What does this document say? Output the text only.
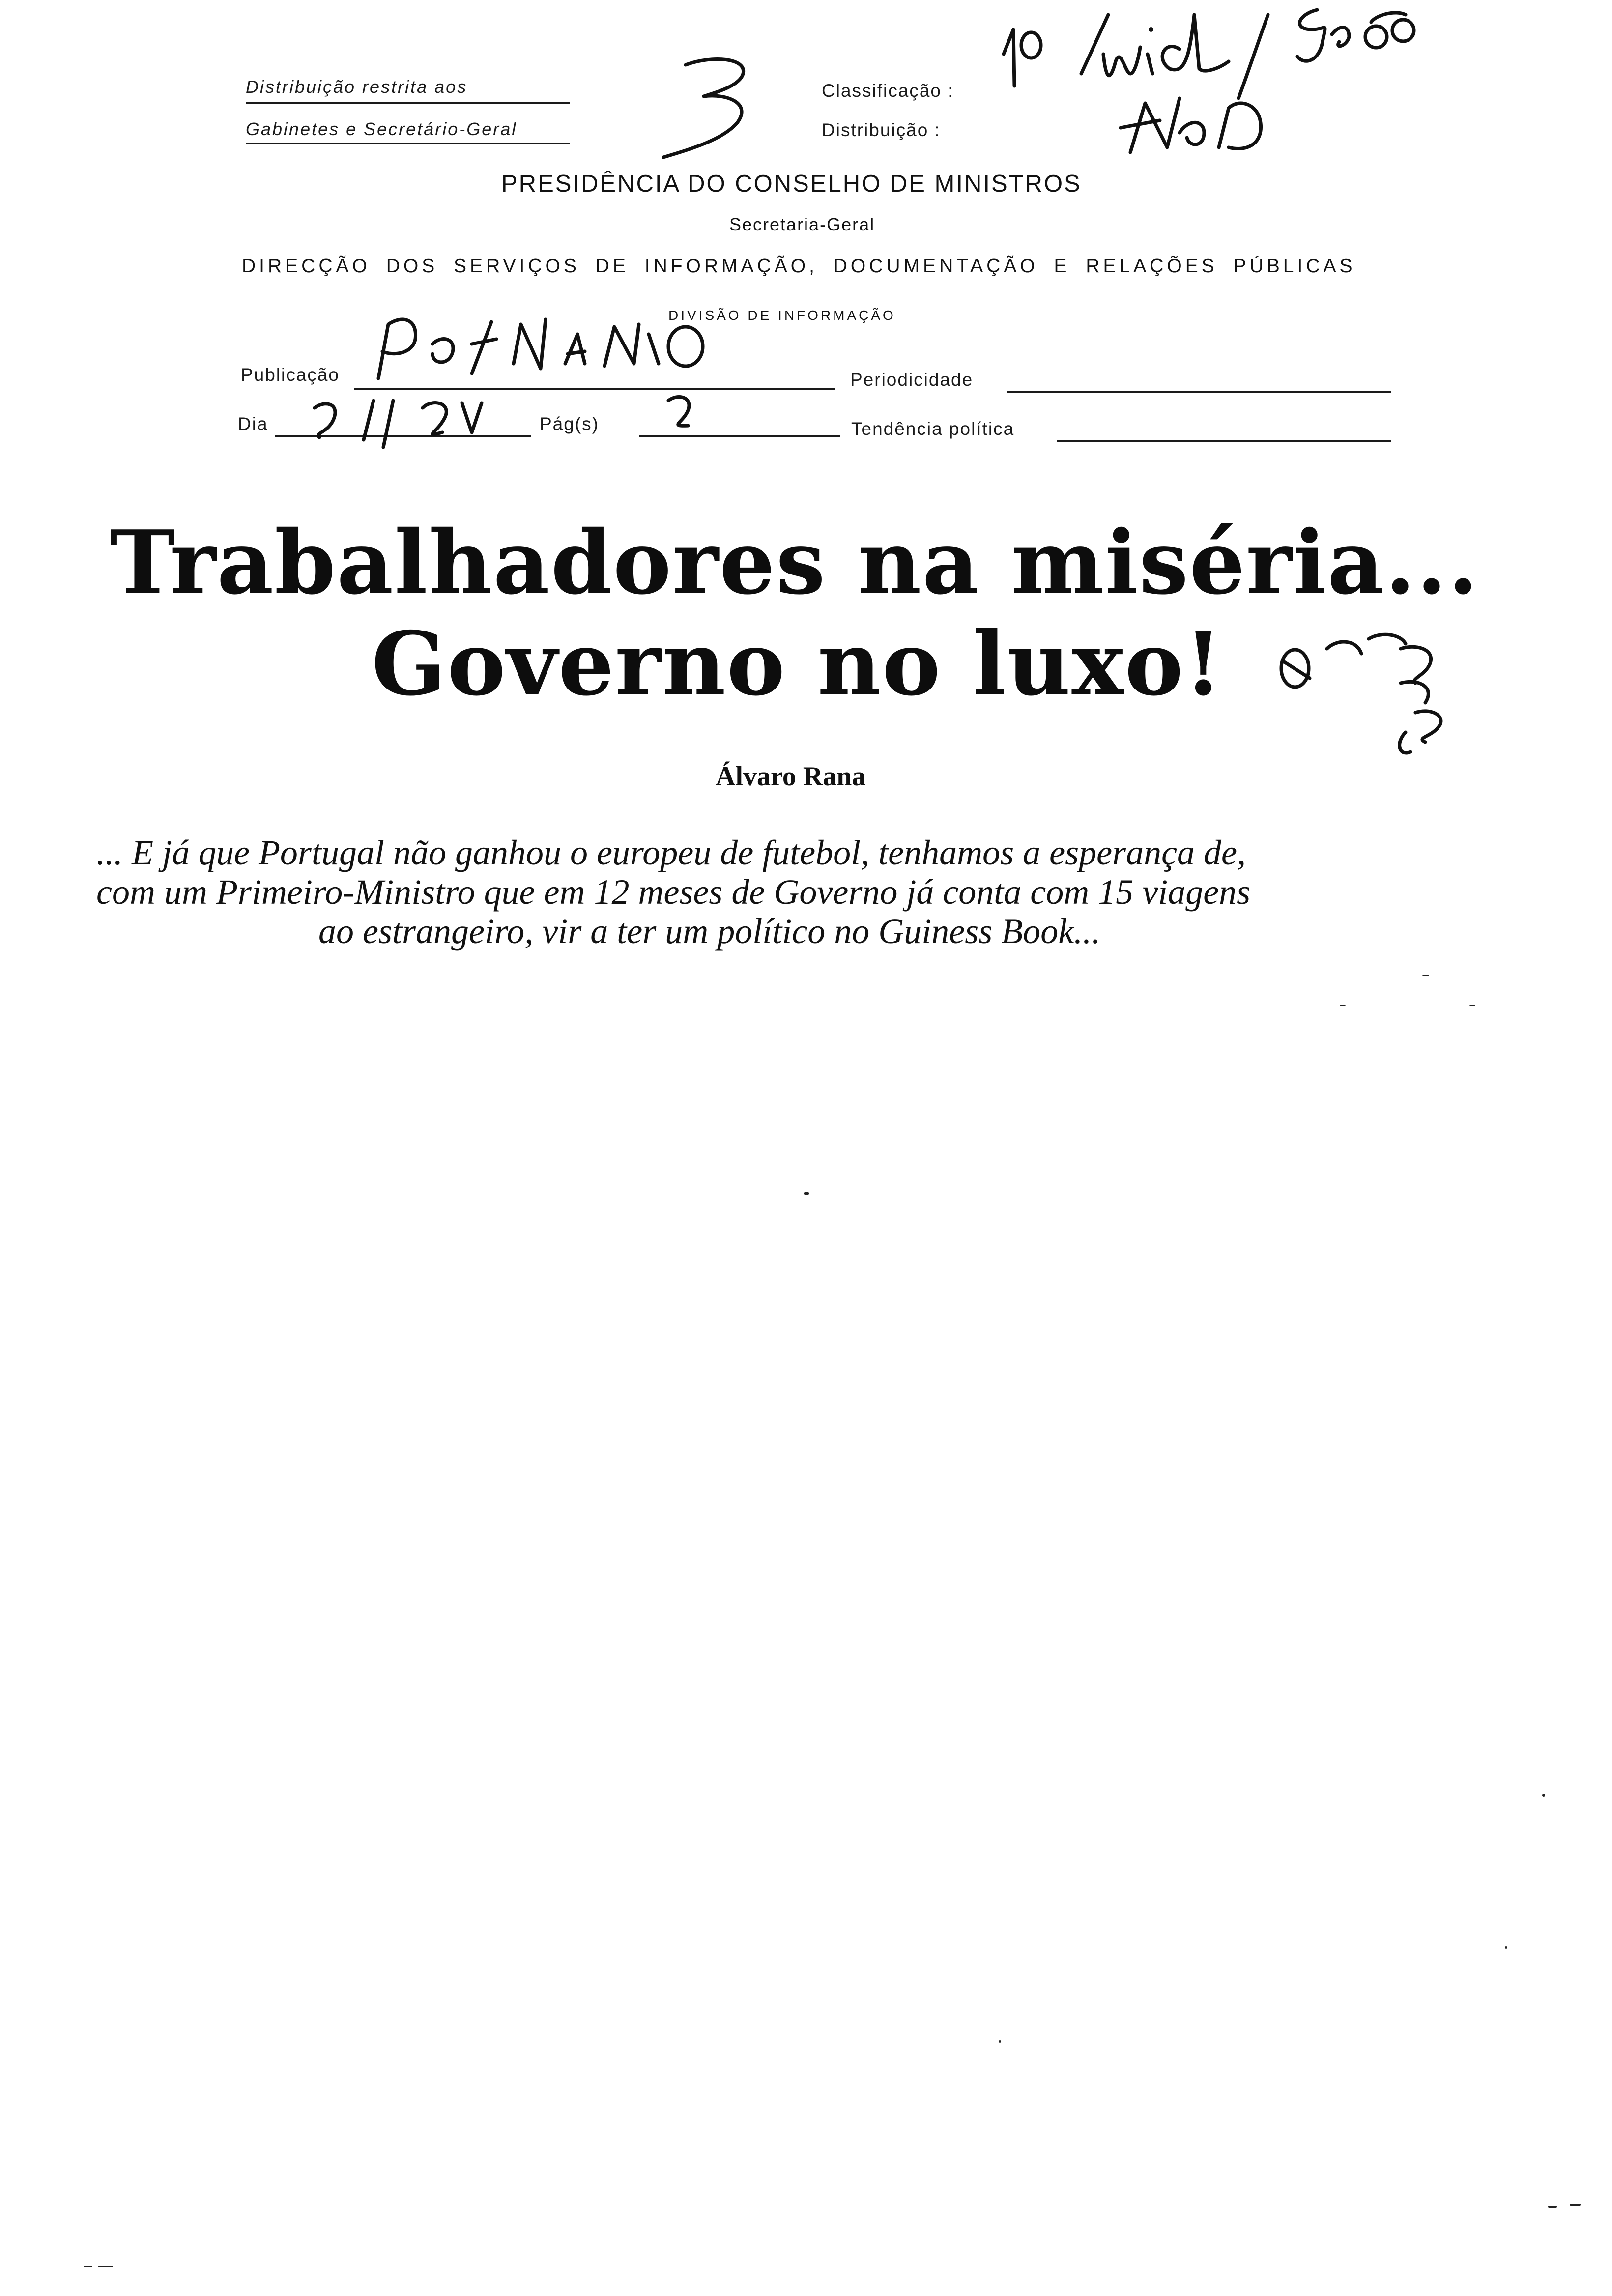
Distribuição restrita aos
Gabinetes e Secretário-Geral
Classificação :
Distribuição :
PRESIDÊNCIA DO CONSELHO DE MINISTROS
Secretaria-Geral
DIRECÇÃO DOS SERVIÇOS DE INFORMAÇÃO, DOCUMENTAÇÃO E RELAÇÕES PÚBLICAS
DIVISÃO DE INFORMAÇÃO
Publicação	Periodicidade
Dia	Pág(s)	Tendência política
Trabalhadores na miséria...
Governo no luxo!
Álvaro Rana
... E já que Portugal não ganhou o europeu de futebol, tenhamos a esperança de,
com um Primeiro-Ministro que em 12 meses de Governo já conta com 15 viagens
ao estrangeiro, vir a ter um político no Guiness Book...
